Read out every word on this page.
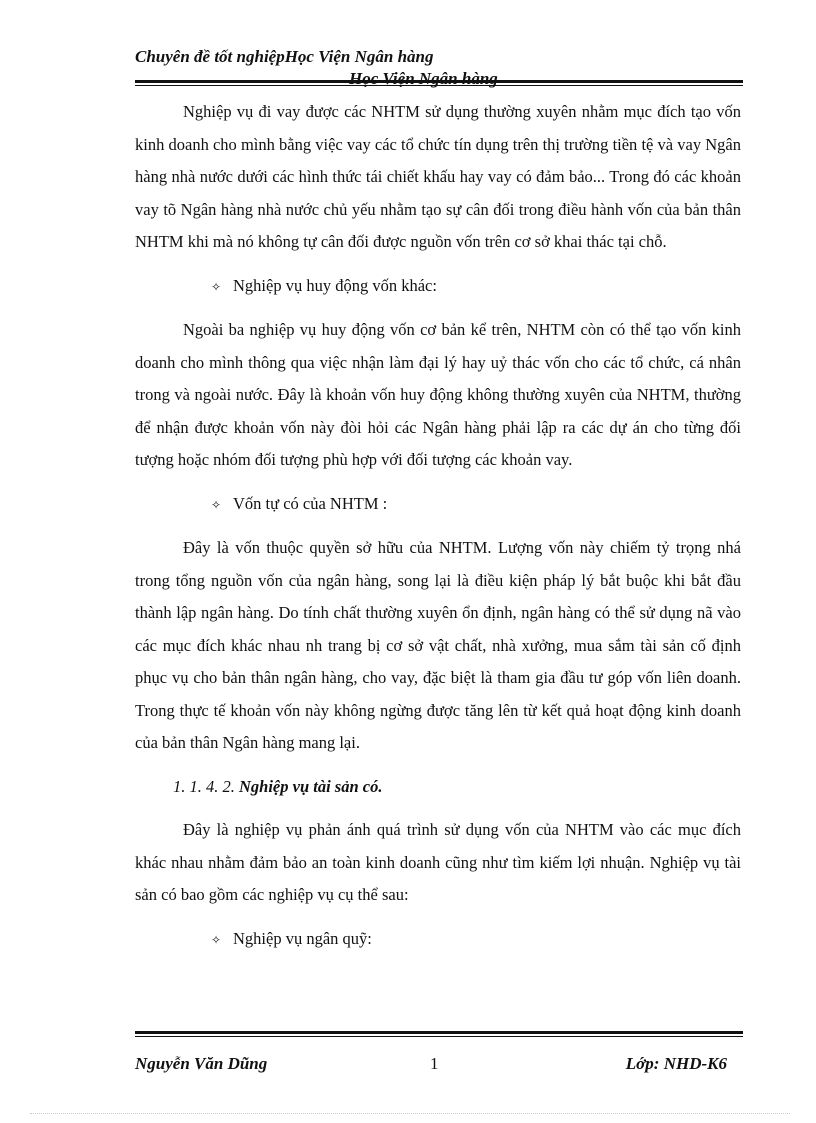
Chuyên đề tốt nghiệpHọc Viện Ngân hàng
Học Viện Ngân hàng

Nghiệp vụ đi vay được các NHTM sử dụng thường xuyên nhằm mục đích tạo vốn kinh doanh cho mình bằng việc vay các tổ chức tín dụng trên thị trường tiền tệ và vay Ngân hàng nhà nước dưới các hình thức tái chiết khấu hay vay có đảm bảo... Trong đó các khoản vay tõ Ngân hàng nhà nước chủ yếu nhằm tạo sự cân đối trong điều hành vốn của bản thân NHTM khi mà nó không tự cân đối được nguồn vốn trên cơ sở khai thác tại chỗ.

✧ Nghiệp vụ huy động vốn khác:

Ngoài ba nghiệp vụ huy động vốn cơ bản kể trên, NHTM còn có thể tạo vốn kinh doanh cho mình thông qua việc nhận làm đại lý hay uỷ thác vốn cho các tổ chức, cá nhân trong và ngoài nước. Đây là khoản vốn huy động không thường xuyên của NHTM, thường để nhận được khoản vốn này đòi hỏi các Ngân hàng phải lập ra các dự án cho từng đối tượng hoặc nhóm đối tượng phù hợp với đối tượng các khoản vay.

✧ Vốn tự có của NHTM :

Đây là vốn thuộc quyền sở hữu của NHTM. Lượng vốn này chiếm tỷ trọng nhá trong tổng nguồn vốn của ngân hàng, song lại là điều kiện pháp lý bắt buộc khi bắt đầu thành lập ngân hàng. Do tính chất thường xuyên ổn định, ngân hàng có thể sử dụng nã vào các mục đích khác nhau nh trang bị cơ sở vật chất, nhà xưởng, mua sắm tài sản cố định phục vụ cho bản thân ngân hàng, cho vay, đặc biệt là tham gia đầu tư góp vốn liên doanh. Trong thực tế khoản vốn này không ngừng được tăng lên từ kết quả hoạt động kinh doanh của bản thân Ngân hàng mang lại.

1. 1. 4. 2. Nghiệp vụ tài sản có.

Đây là nghiệp vụ phản ánh quá trình sử dụng vốn của NHTM vào các mục đích khác nhau nhằm đảm bảo an toàn kinh doanh cũng như tìm kiếm lợi nhuận. Nghiệp vụ tài sản có bao gồm các nghiệp vụ cụ thể sau:

✧ Nghiệp vụ ngân quỹ:
Nguyễn Văn Dũng	1	Lớp: NHD-K6
